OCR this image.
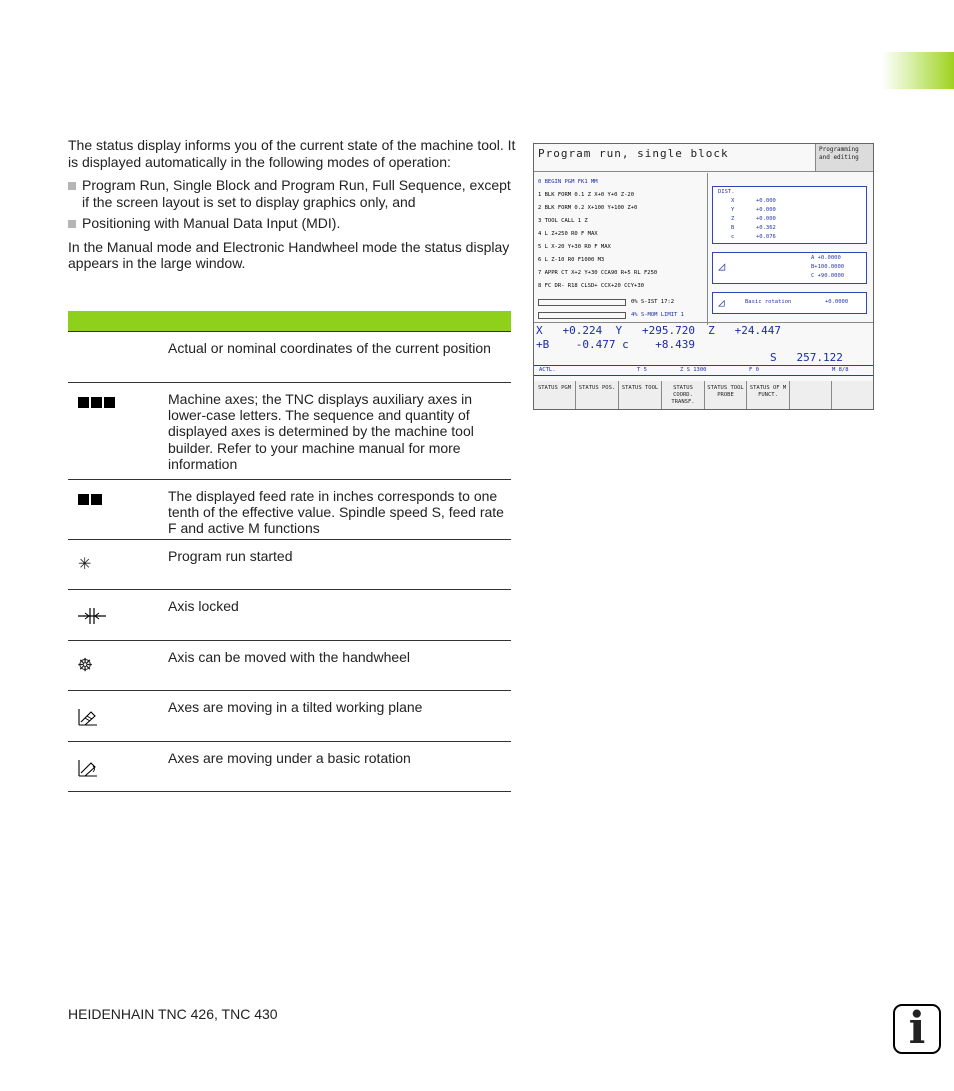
The status display informs you of the current state of the machine tool. It is displayed automatically in the following modes of operation:

Program Run, Single Block and Program Run, Full Sequence, except if the screen layout is set to display graphics only, and

Positioning with Manual Data Input (MDI).

In the Manual mode and Electronic Handwheel mode the status display appears in the large window.

	Actual or nominal coordinates of the current position

	Machine axes; the TNC displays auxiliary axes in lower-case letters. The sequence and quantity of displayed axes is determined by the machine tool builder. Refer to your machine manual for more information

	The displayed feed rate in inches corresponds to one tenth of the effective value. Spindle speed S, feed rate F and active M functions

✳	Program run started

	Axis locked

☸	Axis can be moved with the handwheel

	Axes are moving in a tilted working plane

	Axes are moving under a basic rotation
Program run, single block	Programming and editing
0 BEGIN PGM FK1 MM
1 BLK FORM 0.1 Z X+0 Y+0 Z-20
2 BLK FORM 0.2 X+100 Y+100 Z+0
3 TOOL CALL 1 Z
4 L Z+250 R0 F MAX
5 L X-20 Y+30 R0 F MAX
6 L Z-10 R0 F1000 M3
7 APPR CT X+2 Y+30 CCA90 R+5 RL F250
8 FC DR- R18 CLSD+ CCX+20 CCY+30
0% S-IST 17:2
4% S-MOM LIMIT 1
DIST.
X	+0.000
Y	+0.000
Z	+0.000
B	+0.362
c	+0.076
◿
A +0.0000
B+100.0000
C +90.0000
◿	Basic rotation	+0.0000
X   +0.224  Y   +295.720  Z   +24.447
+B    -0.477 c    +8.439
S   257.122
ACTL.	T 5	Z S 1300	F 0	M 8/8
STATUS PGM	STATUS POS.	STATUS TOOL	STATUS COORD. TRANSF.
STATUS TOOL PROBE
STATUS OF M FUNCT.
HEIDENHAIN TNC 426, TNC 430	i
